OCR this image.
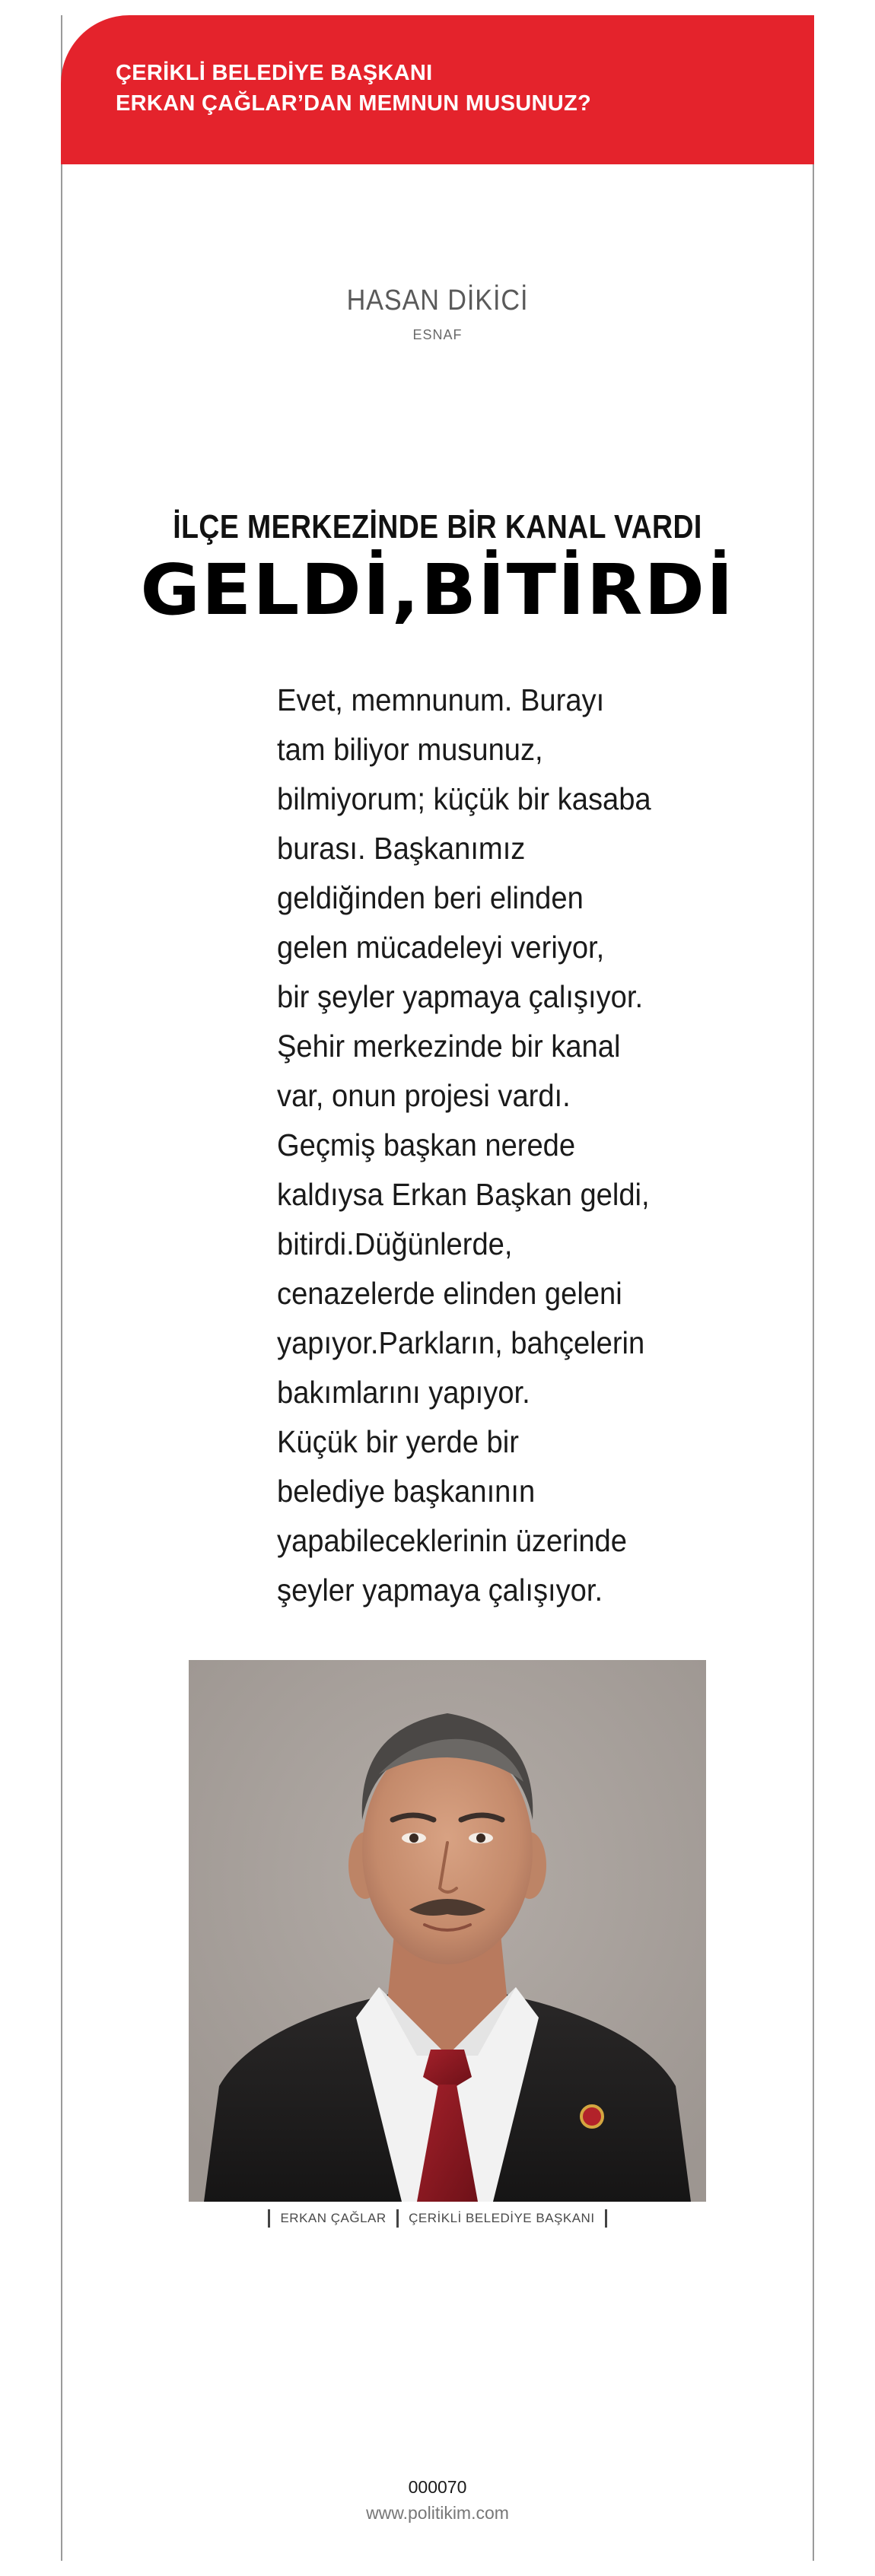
ÇERİKLİ BELEDİYE BAŞKANI
ERKAN ÇAĞLAR’DAN MEMNUN MUSUNUZ?
HASAN DİKİCİ
ESNAF
İLÇE MERKEZİNDE BİR KANAL VARDI
GELDİ,BİTİRDİ
Evet, memnunum. Burayı
tam biliyor musunuz,
bilmiyorum; küçük bir kasaba
burası. Başkanımız
geldiğinden beri elinden
gelen mücadeleyi veriyor,
bir şeyler yapmaya çalışıyor.
Şehir merkezinde bir kanal
var, onun projesi vardı.
Geçmiş başkan nerede
kaldıysa Erkan Başkan geldi,
bitirdi.Düğünlerde,
cenazelerde elinden geleni
yapıyor.Parkların, bahçelerin
bakımlarını yapıyor.
Küçük bir yerde bir
belediye başkanının
yapabileceklerinin üzerinde
şeyler yapmaya çalışıyor.
ERKAN ÇAĞLAR ÇERİKLİ BELEDİYE BAŞKANI
000070
www.politikim.com
